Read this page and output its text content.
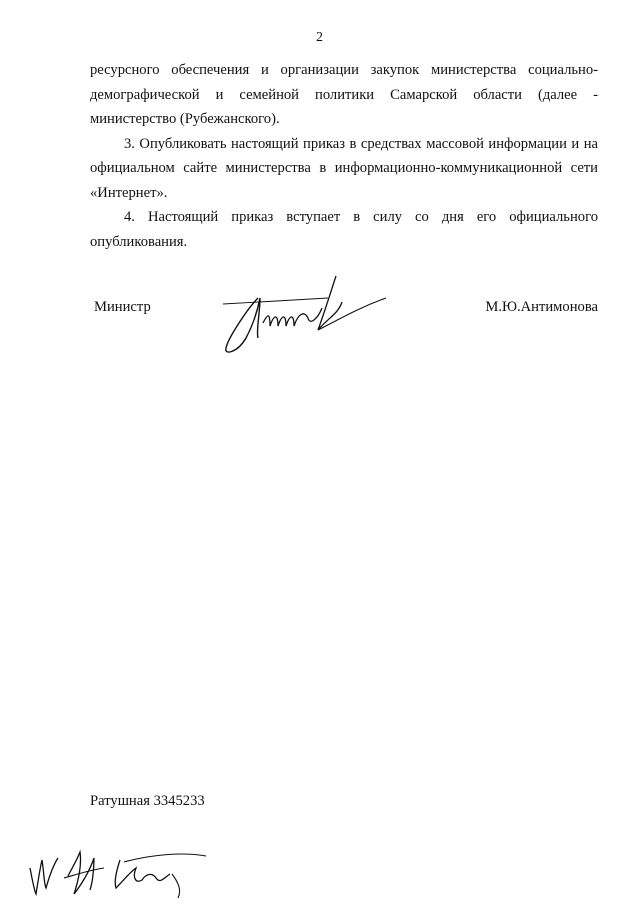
2

ресурсного обеспечения и организации закупок министерства социально-демографической и семейной политики Самарской области (далее - министерство (Рубежанского).

3. Опубликовать настоящий приказ в средствах массовой информации и на официальном сайте министерства в информационно-коммуникационной сети «Интернет».

4. Настоящий приказ вступает в силу со дня его официального опубликования.

Министр	М.Ю.Антимонова
Ратушная 3345233
